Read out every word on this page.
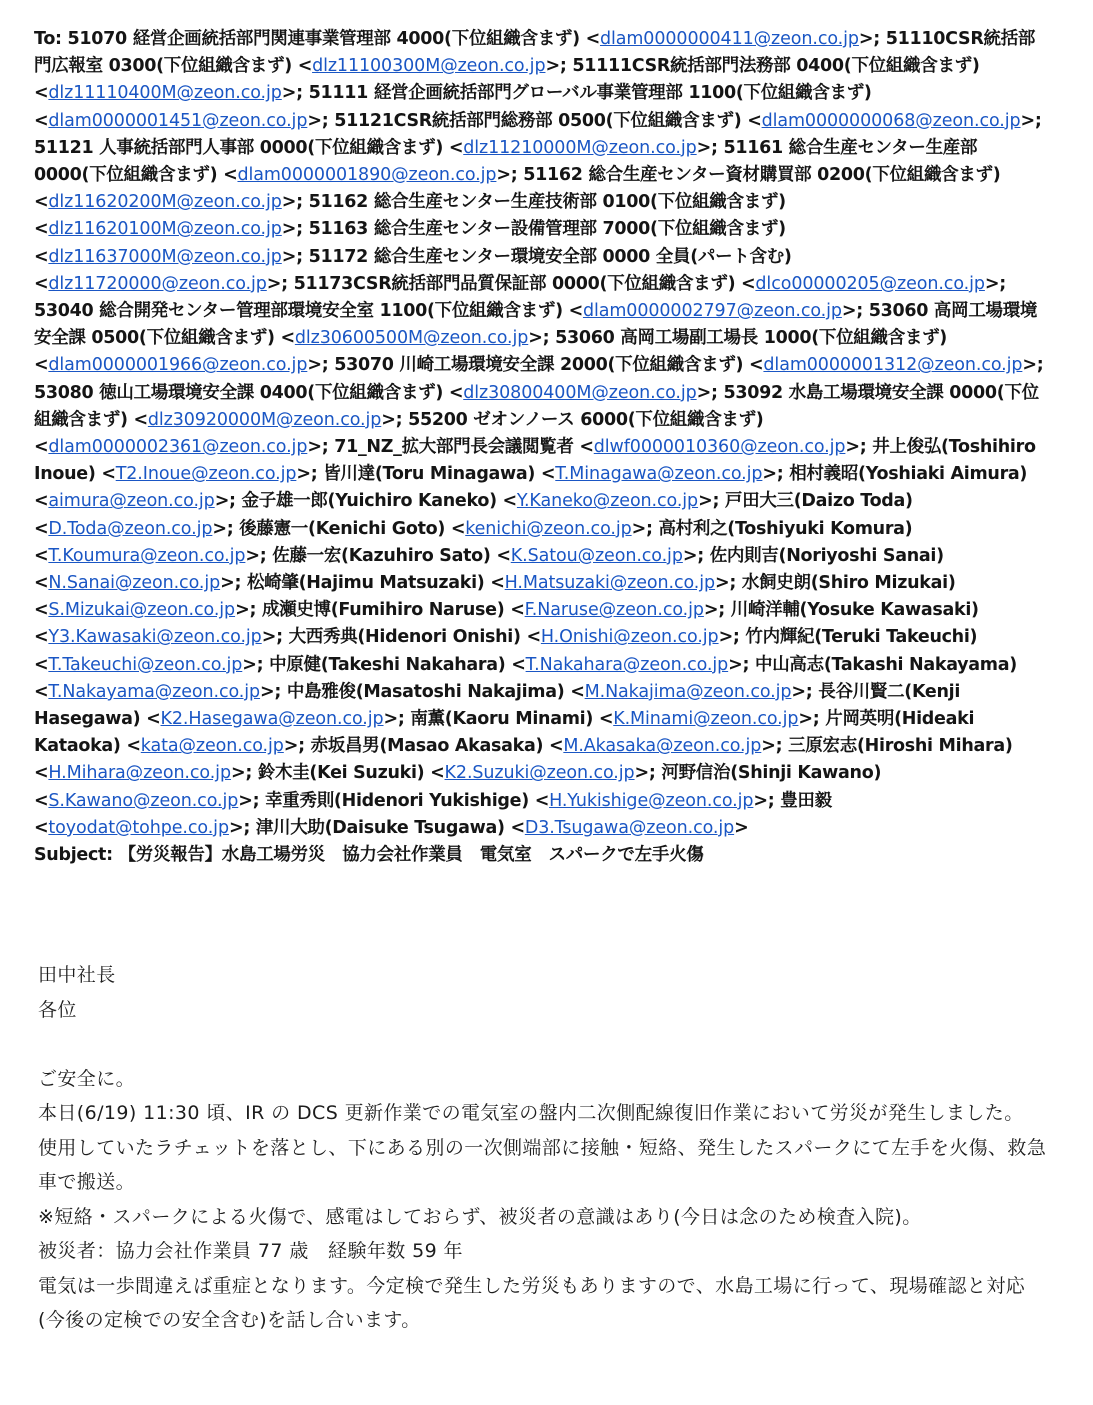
To: 51070 経営企画統括部門関連事業管理部 4000(下位組織含まず) <dlam0000000411@zeon.co.jp>; 51110CSR統括部門広報室 0300(下位組織含まず) <dlz11100300M@zeon.co.jp>; 51111CSR統括部門法務部 0400(下位組織含まず) <dlz11110400M@zeon.co.jp>; 51111 経営企画統括部門グローバル事業管理部 1100(下位組織含まず) <dlam0000001451@zeon.co.jp>; 51121CSR統括部門総務部 0500(下位組織含まず) <dlam0000000068@zeon.co.jp>; 51121 人事統括部門人事部 0000(下位組織含まず) <dlz11210000M@zeon.co.jp>; 51161 総合生産センター生産部 0000(下位組織含まず) <dlam0000001890@zeon.co.jp>; 51162 総合生産センター資材購買部 0200(下位組織含まず) <dlz11620200M@zeon.co.jp>; 51162 総合生産センター生産技術部 0100(下位組織含まず) <dlz11620100M@zeon.co.jp>; 51163 総合生産センター設備管理部 7000(下位組織含まず) <dlz11637000M@zeon.co.jp>; 51172 総合生産センター環境安全部 0000 全員(パート含む) <dlz11720000@zeon.co.jp>; 51173CSR統括部門品質保証部 0000(下位組織含まず) <dlco00000205@zeon.co.jp>; 53040 総合開発センター管理部環境安全室 1100(下位組織含まず) <dlam0000002797@zeon.co.jp>; 53060 高岡工場環境安全課 0500(下位組織含まず) <dlz30600500M@zeon.co.jp>; 53060 高岡工場副工場長 1000(下位組織含まず) <dlam0000001966@zeon.co.jp>; 53070 川崎工場環境安全課 2000(下位組織含まず) <dlam0000001312@zeon.co.jp>; 53080 徳山工場環境安全課 0400(下位組織含まず) <dlz30800400M@zeon.co.jp>; 53092 水島工場環境安全課 0000(下位組織含まず) <dlz30920000M@zeon.co.jp>; 55200 ゼオンノース 6000(下位組織含まず) <dlam0000002361@zeon.co.jp>; 71_NZ_拡大部門長会議閲覧者 <dlwf0000010360@zeon.co.jp>; 井上俊弘(Toshihiro Inoue) <T2.Inoue@zeon.co.jp>; 皆川達(Toru Minagawa) <T.Minagawa@zeon.co.jp>; 相村義昭(Yoshiaki Aimura) <aimura@zeon.co.jp>; 金子雄一郎(Yuichiro Kaneko) <Y.Kaneko@zeon.co.jp>; 戸田大三(Daizo Toda) <D.Toda@zeon.co.jp>; 後藤憲一(Kenichi Goto) <kenichi@zeon.co.jp>; 高村利之(Toshiyuki Komura) <T.Koumura@zeon.co.jp>; 佐藤一宏(Kazuhiro Sato) <K.Satou@zeon.co.jp>; 佐内則吉(Noriyoshi Sanai) <N.Sanai@zeon.co.jp>; 松崎肇(Hajimu Matsuzaki) <H.Matsuzaki@zeon.co.jp>; 水飼史朗(Shiro Mizukai) <S.Mizukai@zeon.co.jp>; 成瀬史博(Fumihiro Naruse) <F.Naruse@zeon.co.jp>; 川崎洋輔(Yosuke Kawasaki) <Y3.Kawasaki@zeon.co.jp>; 大西秀典(Hidenori Onishi) <H.Onishi@zeon.co.jp>; 竹内輝紀(Teruki Takeuchi) <T.Takeuchi@zeon.co.jp>; 中原健(Takeshi Nakahara) <T.Nakahara@zeon.co.jp>; 中山高志(Takashi Nakayama) <T.Nakayama@zeon.co.jp>; 中島雅俊(Masatoshi Nakajima) <M.Nakajima@zeon.co.jp>; 長谷川賢二(Kenji Hasegawa) <K2.Hasegawa@zeon.co.jp>; 南薫(Kaoru Minami) <K.Minami@zeon.co.jp>; 片岡英明(Hideaki Kataoka) <kata@zeon.co.jp>; 赤坂昌男(Masao Akasaka) <M.Akasaka@zeon.co.jp>; 三原宏志(Hiroshi Mihara) <H.Mihara@zeon.co.jp>; 鈴木圭(Kei Suzuki) <K2.Suzuki@zeon.co.jp>; 河野信治(Shinji Kawano) <S.Kawano@zeon.co.jp>; 幸重秀則(Hidenori Yukishige) <H.Yukishige@zeon.co.jp>; 豊田毅 <toyodat@tohpe.co.jp>; 津川大助(Daisuke Tsugawa) <D3.Tsugawa@zeon.co.jp>
Subject: 【労災報告】水島工場労災　協力会社作業員　電気室　スパークで左手火傷

田中社長

各位

ご安全に。

本日(6/19) 11:30 頃、IR の DCS 更新作業での電気室の盤内二次側配線復旧作業において労災が発生しました。

使用していたラチェットを落とし、下にある別の一次側端部に接触・短絡、発生したスパークにて左手を火傷、救急車で搬送。

※短絡・スパークによる火傷で、感電はしておらず、被災者の意識はあり(今日は念のため検査入院)。

被災者：協力会社作業員 77 歳　経験年数 59 年

電気は一歩間違えば重症となります。今定検で発生した労災もありますので、水島工場に行って、現場確認と対応(今後の定検での安全含む)を話し合います。
